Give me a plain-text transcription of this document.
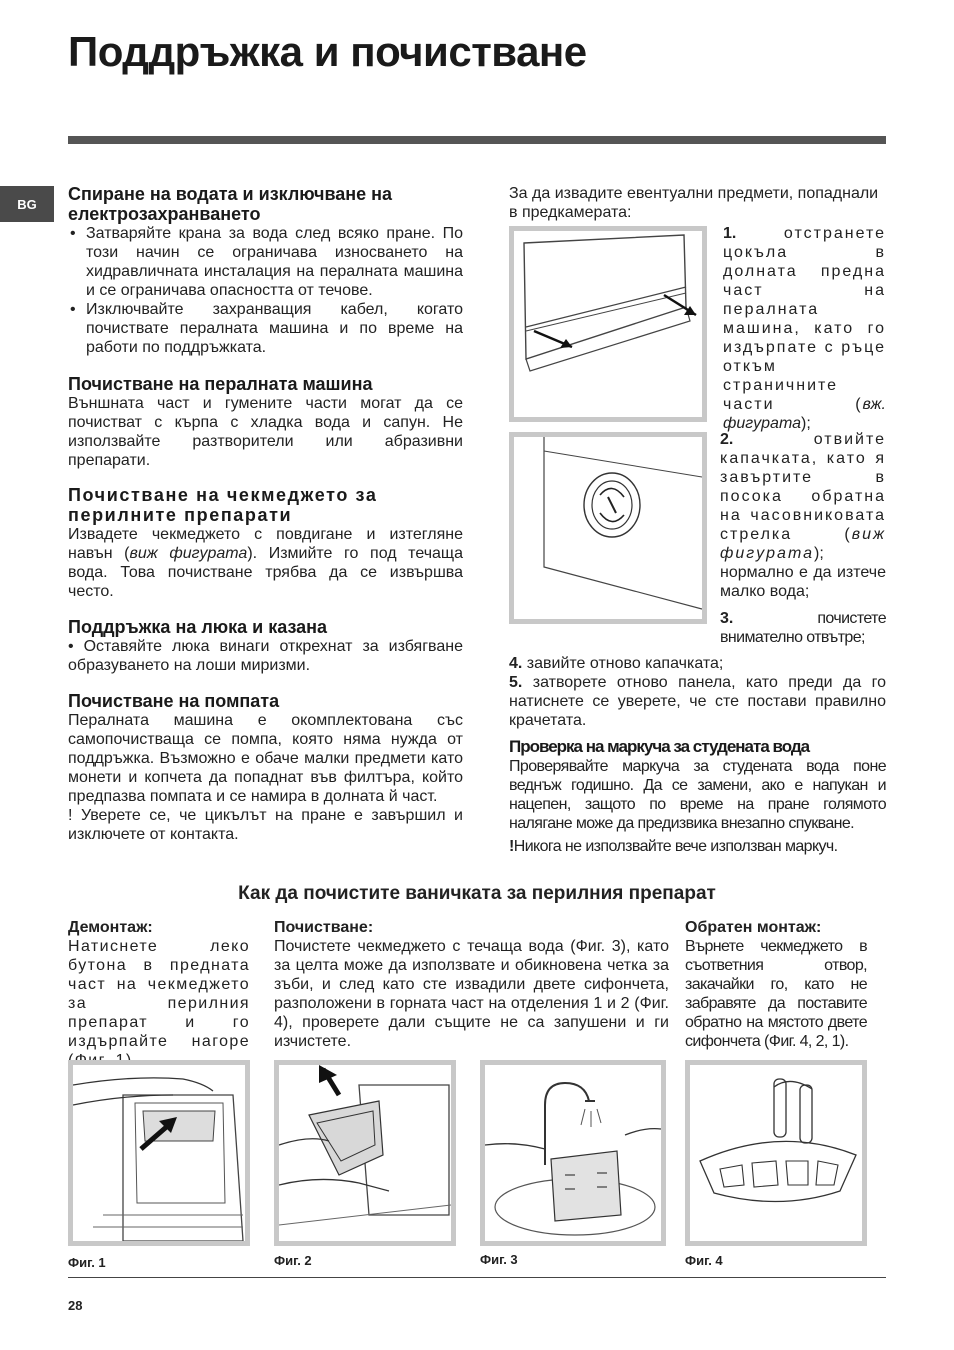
Поддръжка и почистване
BG	Спиране на водата и изключване на електрозахранването
• Затваряйте крана за вода след всяко пране. По този начин се ограничава износването на хидравличната инсталация на пералната машина и се ограничава опасността от течове.
• Изключвайте захранващия кабел, когато почиствате пералната машина и по време на работи по поддръжката.
Почистване на пералната машина

Външната част и гумените части могат да се почистват с кърпа с хладка вода и сапун. Не използвайте разтворители или абразивни препарати.

Почистване на чекмеджето за перилните препарати

Извадете чекмеджето с повдигане и изтегляне навън (виж фигурата). Измийте го под течаща вода. Това почистване трябва да се извършва често.

Поддръжка на люка и казана

• Оставяйте люка винаги открехнат за избягване образуването на лоши миризми.

Почистване на помпата

Пералната машина е окомплектована със самопочистваща се помпа, която няма нужда от поддръжка. Възможно е обаче малки предмети като монети и копчета да попаднат във филтъра, който предпазва помпата и се намира в долната й част.

! Уверете се, че цикълът на пране е завършил и изключете от контакта.

За да извадите евентуални предмети, попаднали в предкамерата:

1.	отстранете цокъла в долната предна част на пералната машина, като го издърпате с ръце откъм страничните части (вж. фигурата);
2.	отвийте капачката, като я завъртите в посока обратна на часовниковата стрелка (виж фигурата); нормално е да изтече малко вода;
3.	почистете внимателно отвътре;

4. завийте отново капачката;

5. затворете отново панела, като преди да го натиснете се уверете, че сте постави правилно крачетата.

Проверка на маркуча за студената вода

Проверявайте маркуча за студената вода поне веднъж годишно. Да се замени, ако е напукан и нацепен, защото по време на пране голямото налягане може да предизвика внезапно спукване.

!Никога не използвайте вече използван маркуч.

Как да почистите ваничката за перилния препарат
Демонтаж:

Натиснете леко бутона в предната част на чекмеджето за перилния препарат и го издърпайте нагоре

Почистване:

Почистете чекмеджето с течаща вода (Фиг. 3), като за целта може да използвате и обикновена четка за зъби, и след като сте извадили двете сифончета, разположени в горната част на отделения 1 и 2 (Фиг. 4), проверете дали същите не са запушени и ги изчистете.

Обратен монтаж:

Върнете чекмеджето в съответния отвор, закачайки го, като не забравяте да поставите обратно на мястото двете сифончета (Фиг. 4, 2, 1).

Фиг. 1	Фиг. 2	Фиг. 3	Фиг. 4
28
